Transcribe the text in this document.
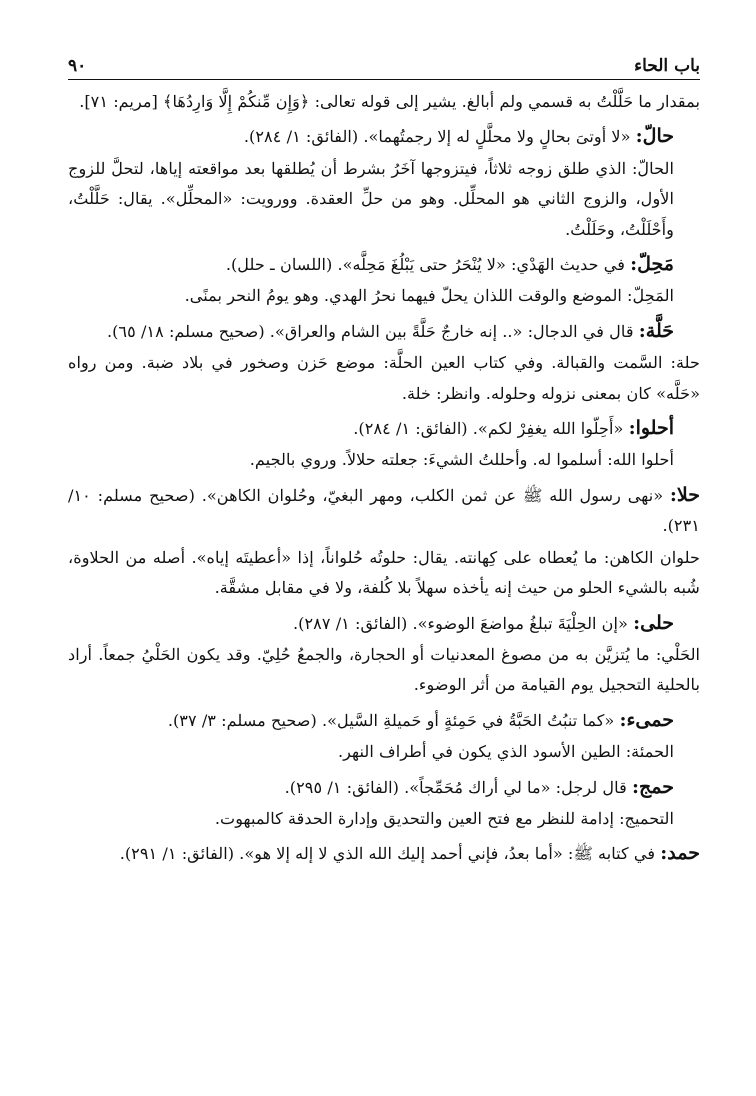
باب الحاء
٩٠

بمقدار ما حَلَّلْتُ به قسمي ولم أبالغ. يشير إلى قوله تعالى: ﴿وَإِن مِّنكُمْ إِلَّا وَارِدُهَا﴾ [مريم: ٧١].

حالّ: «لا أوتىَ بحالٍ ولا محلَّلٍ له إلا رجمتُهما». (الفائق: ١/ ٢٨٤).

الحالّ: الذي طلق زوجه ثلاثاً، فيتزوجها آخَرُ بشرط أن يُطلقها بعد مواقعته إياها، لتحلَّ للزوج الأول، والزوج الثاني هو المحلِّل. وهو من حلِّ العقدة. وورويت: «المحلِّل». يقال: حَلَّلْتُ، وأَحْلَلْتُ، وحَلَلْتُ.

مَحِلّ: في حديث الهَدْي: «لا يُنْحَرُ حتى يَبْلُغَ مَحِلَّه». (اللسان ـ حلل).

المَحِلّ: الموضع والوقت اللذان يحلّ فيهما نحرُ الهدي. وهو يومُ النحر بمنًى.

حَلَّة: قال في الدجال: «.. إنه خارجٌ حَلَّةً بين الشام والعراق». (صحيح مسلم: ١٨/ ٦٥).

حلة: السَّمت والقبالة. وفي كتاب العين الحلَّة: موضع حَزن وصخور في بلاد ضبة. ومن رواه «حَلَّه» كان بمعنى نزوله وحلوله. وانظر: خلة.

أحلوا: «أَحِلّوا الله يغفِرْ لكم». (الفائق: ١/ ٢٨٤).

أحلوا الله: أسلموا له. وأحللتُ الشيءَ: جعلته حلالاً. وروي بالجيم.

حلا: «نهى رسول الله ﷺ عن ثمن الكلب، ومهر البغيّ، وحُلوان الكاهن». (صحيح مسلم: ١٠/ ٢٣١).

حلوان الكاهن: ما يُعطاه على كِهانته. يقال: حلوتُه حُلواناً، إذا «أعطيتَه إياه». أصله من الحلاوة، شُبه بالشيء الحلو من حيث إنه يأخذه سهلاً بلا كُلفة، ولا في مقابل مشقَّة.

حلى: «إن الحِلْيَةَ تبلغُ مواضعَ الوضوء». (الفائق: ١/ ٢٨٧).

الحَلْي: ما يُتزيَّن به من مصوغ المعدنيات أو الحجارة، والجمعُ حُلِيّ. وقد يكون الحَلْيُ جمعاً. أراد بالحلية التحجيل يوم القيامة من أثر الوضوء.

حمىء: «كما تنبُتُ الحَبَّةُ في حَمِئةٍ أو حَميلةِ السَّيل». (صحيح مسلم: ٣/ ٣٧).

الحمئة: الطين الأسود الذي يكون في أطراف النهر.

حمج: قال لرجل: «ما لي أراك مُحَمِّجاً». (الفائق: ١/ ٢٩٥).

التحميج: إدامة للنظر مع فتح العين والتحديق وإدارة الحدقة كالمبهوت.

حمد: في كتابه ﷺ: «أما بعدُ، فإني أحمد إليك الله الذي لا إله إلا هو». (الفائق: ١/ ٢٩١).
